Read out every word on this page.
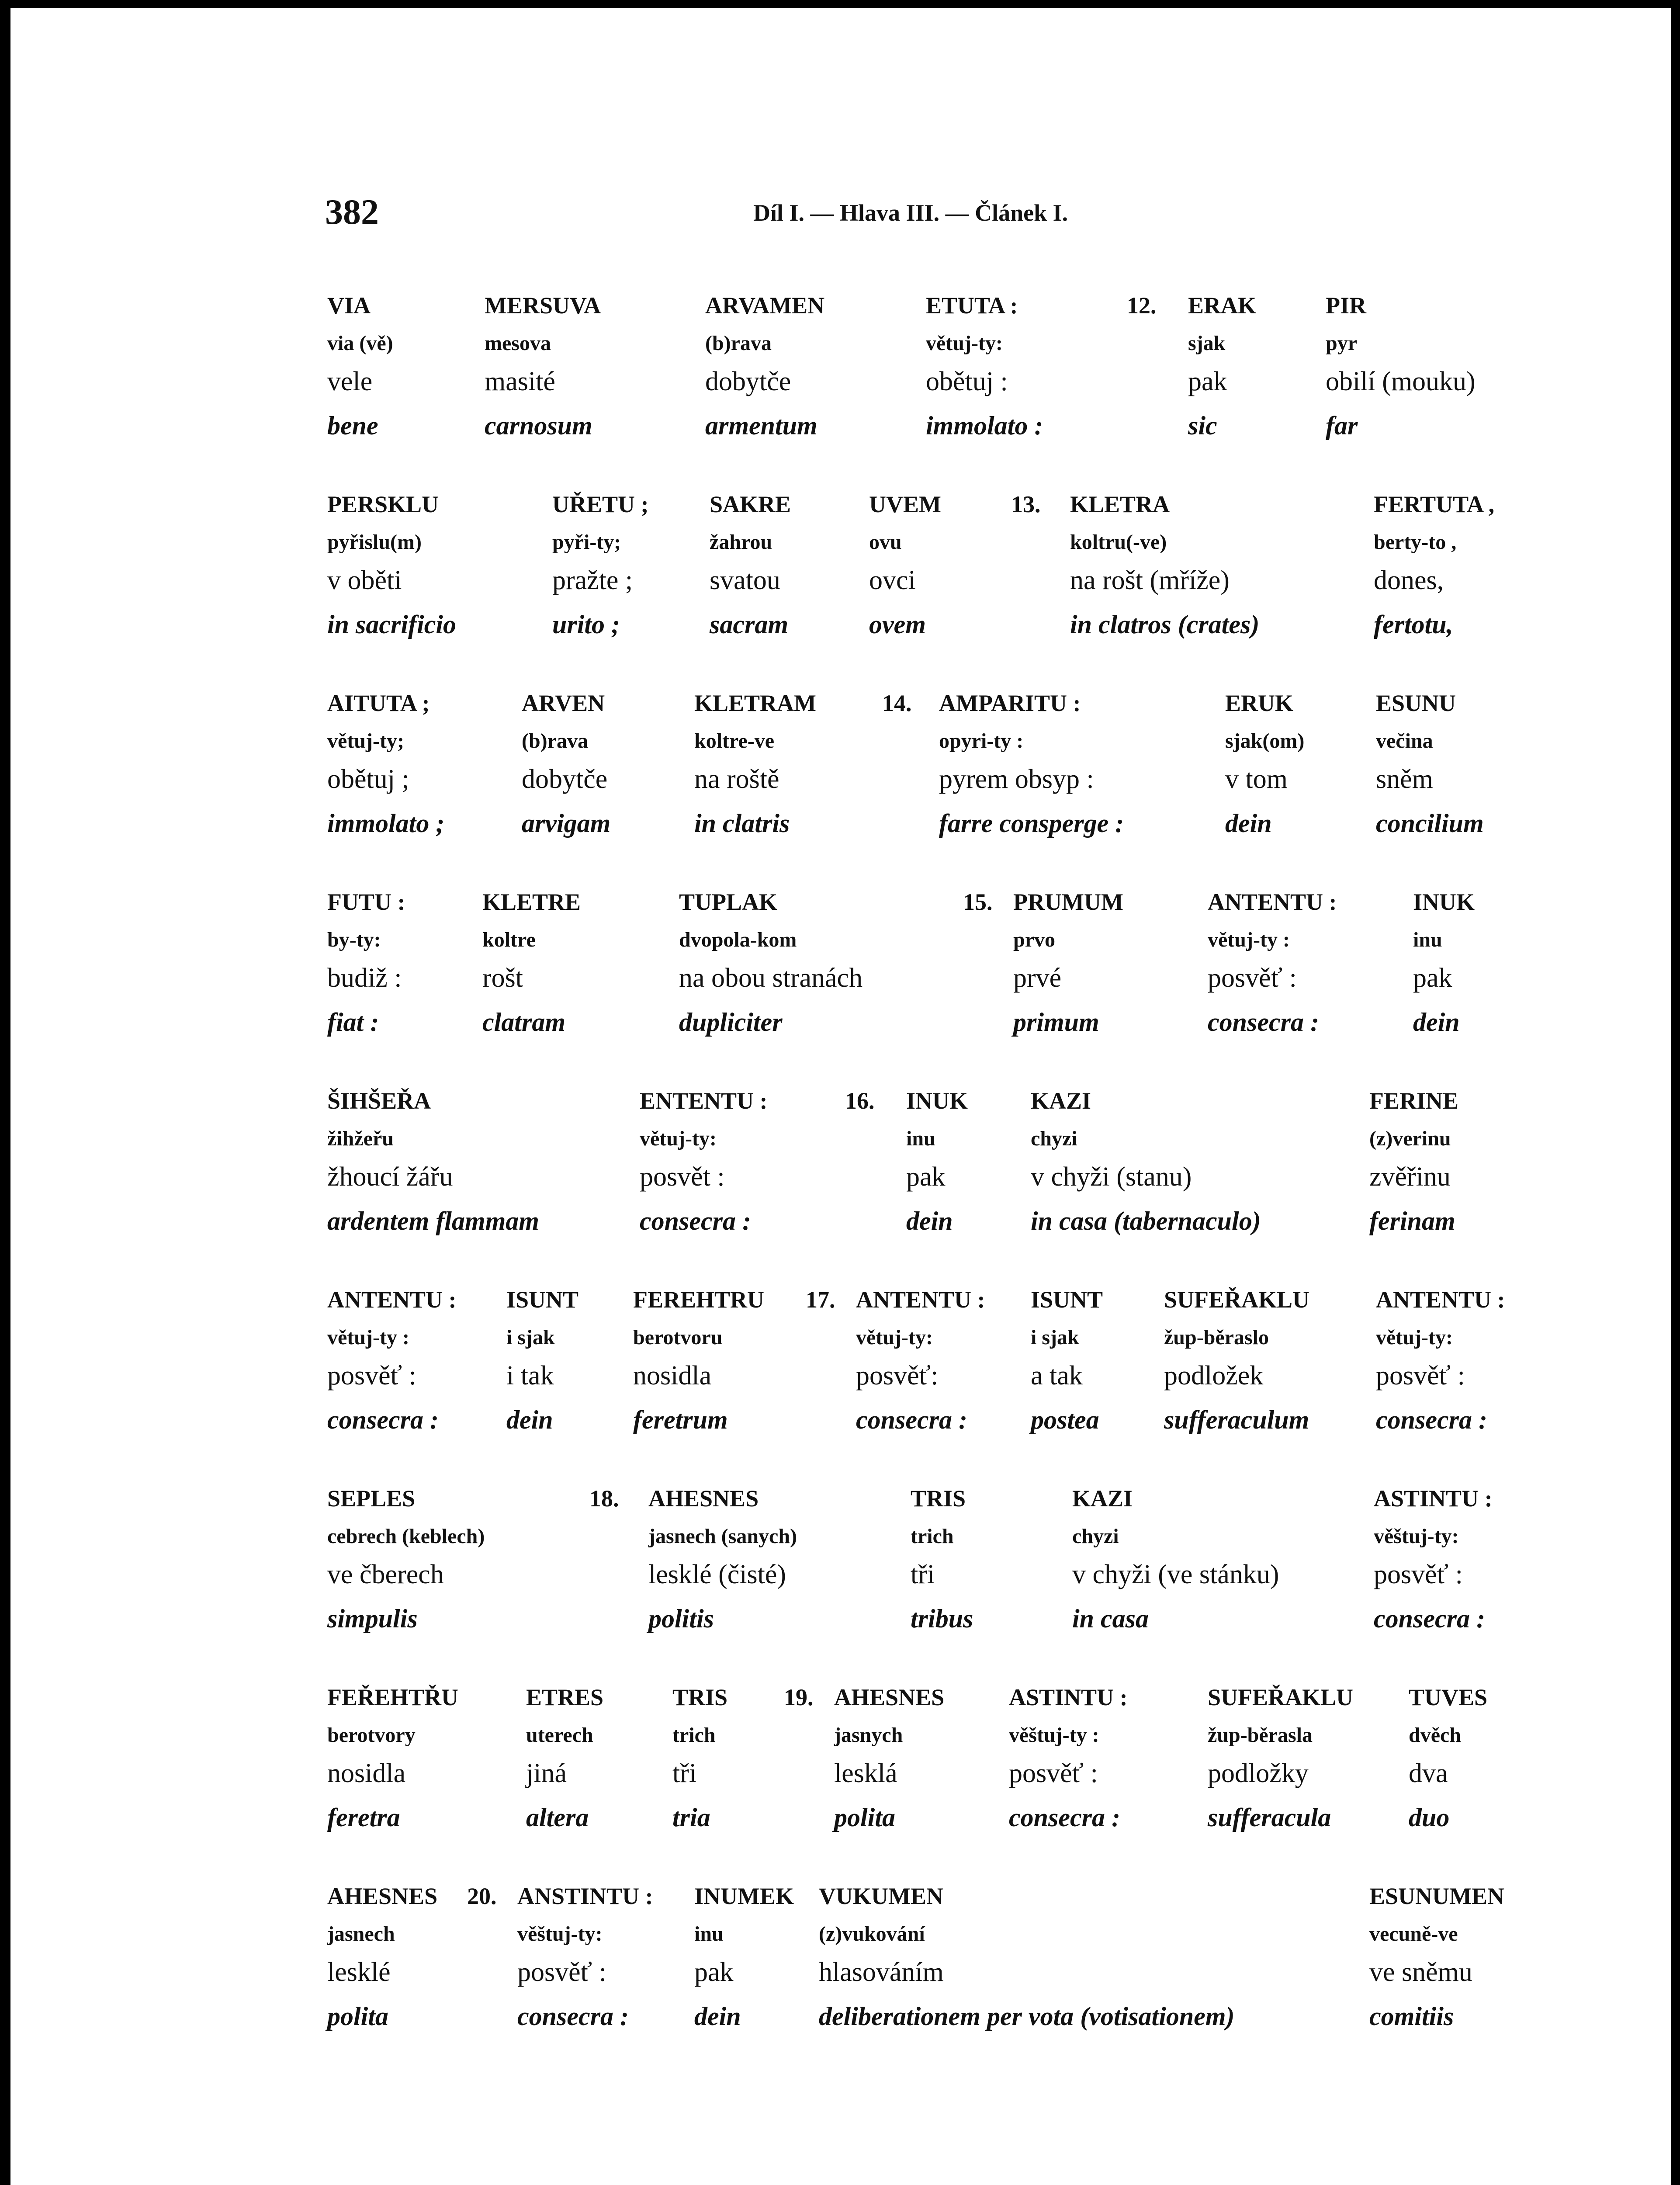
382	Díl I. — Hlava III. — Článek I.
VIA
via (vě)
vele
bene
MERSUVA
mesova
masité
carnosum
ARVAMEN
(b)rava
dobytče
armentum
ETUTA :
větuj-ty:
obětuj :
immolato :
12. ERAK
sjak
pak
sic
PIR
pyr
obilí (mouku)
far
PERSKLU
pyřislu(m)
v oběti
in sacrificio
UŘETU ;
pyři-ty;
pražte ;
urito ;
SAKRE
žahrou
svatou
sacram
UVEM
ovu
ovci
ovem
13. KLETRA
koltru(-ve)
na rošt (mříže)
in clatros (crates)
FERTUTA ,
berty-to ,
dones,
fertotu,
AITUTA ;
větuj-ty;
obětuj ;
immolato ;
ARVEN
(b)rava
dobytče
arvigam
KLETRAM
koltre-ve
na roště
in clatris
14. AMPARITU :
opyri-ty :
pyrem obsyp :
farre consperge :
ERUK
sjak(om)
v tom
dein
ESUNU
večina
sněm
concilium
FUTU :
by-ty:
budiž :
fiat :
KLETRE
koltre
rošt
clatram
TUPLAK
dvopola-kom
na obou stranách
dupliciter
15. PRUMUM
prvo
prvé
primum
ANTENTU :
větuj-ty :
posvěť :
consecra :
INUK
inu
pak
dein
ŠIHŠEŘA
žihžeřu
žhoucí žářu
ardentem flammam
ENTENTU :
větuj-ty:
posvět :
consecra :
16. INUK
inu
pak
dein
KAZI
chyzi
v chyži (stanu)
in casa (tabernaculo)
FERINE
(z)verinu
zvěřinu
ferinam
ANTENTU :
větuj-ty :
posvěť :
consecra :
ISUNT
i sjak
i tak
dein
FEREHTRU
berotvoru
nosidla
feretrum
17. ANTENTU :
větuj-ty:
posvěť:
consecra :
ISUNT
i sjak
a tak
postea
SUFEŘAKLU
žup-běraslo
podložek
sufferaculum
ANTENTU :
větuj-ty:
posvěť :
consecra :
SEPLES
cebrech (keblech)
ve čberech
simpulis
18. AHESNES
jasnech (sanych)
lesklé (čisté)
politis
TRIS
trich
tři
tribus
KAZI
chyzi
v chyži (ve stánku)
in casa
ASTINTU :
věštuj-ty:
posvěť :
consecra :
FEŘEHTŘU
berotvory
nosidla
feretra
ETRES
uterech
jiná
altera
TRIS
trich
tři
tria
19. AHESNES
jasnych
lesklá
polita
ASTINTU :
věštuj-ty :
posvěť :
consecra :
SUFEŘAKLU
žup-běrasla
podložky
sufferacula
TUVES
dvěch
dva
duo
AHESNES
jasnech
lesklé
polita
20. ANSTINTU :
věštuj-ty:
posvěť :
consecra :
INUMEK
inu
pak
dein
VUKUMEN
(z)vukování
hlasováním
deliberationem per vota (votisationem)
ESUNUMEN
vecuně-ve
ve sněmu
comitiis
